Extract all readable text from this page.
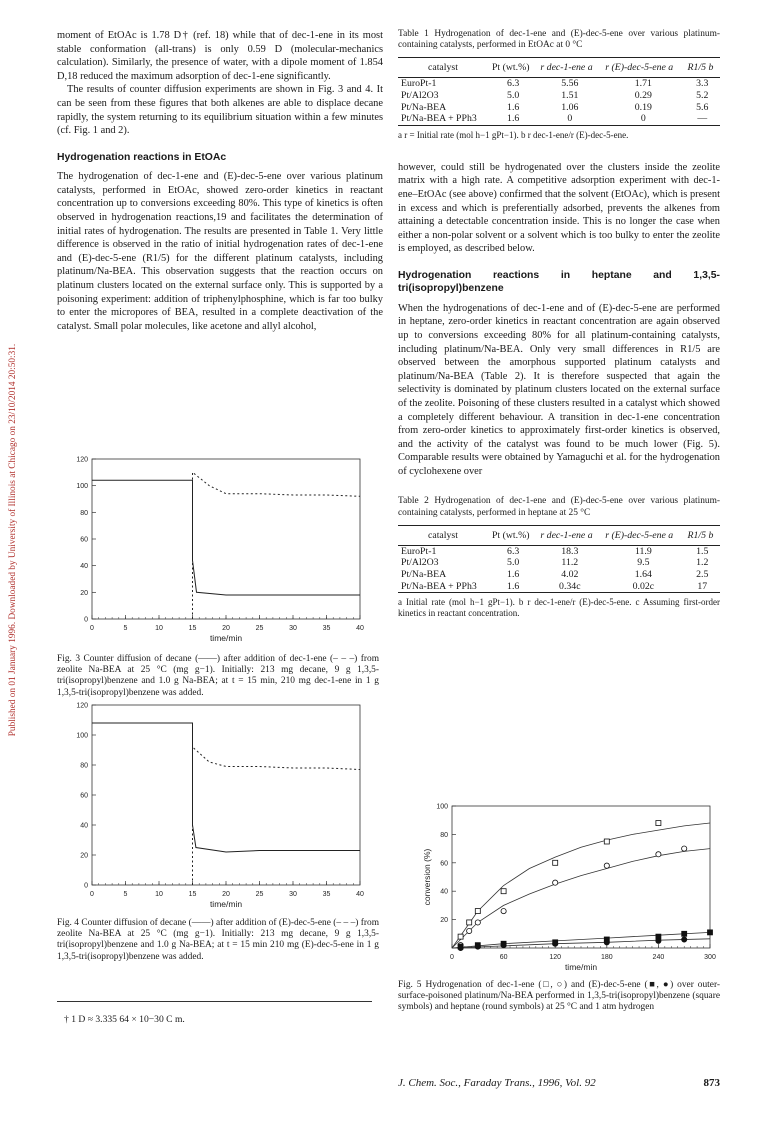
Published on 01 January 1996. Downloaded by University of Illinois at Chicago on 23/10/2014 20:50:31.

moment of EtOAc is 1.78 D† (ref. 18) while that of dec-1-ene in its most stable conformation (all-trans) is only 0.59 D (molecular-mechanics calculation). Similarly, the presence of water, with a dipole moment of 1.854 D,18 reduced the maximum adsorption of dec-1-ene significantly.

The results of counter diffusion experiments are shown in Fig. 3 and 4. It can be seen from these figures that both alkenes are able to displace decane rapidly, the system returning to its equilibrium situation within a few minutes (cf. Fig. 1 and 2).

Hydrogenation reactions in EtOAc

The hydrogenation of dec-1-ene and (E)-dec-5-ene over various platinum catalysts, performed in EtOAc, showed zero-order kinetics in reactant concentration up to conversions exceeding 80%. This type of kinetics is often observed in hydrogenation reactions,19 and facilitates the determination of initial rates of hydrogenation. The results are presented in Table 1. Very little difference is observed in the ratio of initial hydrogenation rates of dec-1-ene and (E)-dec-5-ene (R1/5) for the different platinum catalysts, including platinum/Na-BEA. This observation suggests that the reaction occurs on platinum clusters located on the external surface only. This is supported by a poisoning experiment: addition of triphenylphosphine, which is far too bulky to enter the micropores of BEA, resulted in a complete deactivation of the catalyst. Small polar molecules, like acetone and allyl alcohol,

0	5	10	15	20	25	30	35	40
0
20
40
60
80
100
120
time/min
Fig. 3 Counter diffusion of decane (——) after addition of dec-1-ene (– – –) from zeolite Na-BEA at 25 °C (mg g−1). Initially: 213 mg decane, 9 g 1,3,5-tri(isopropyl)benzene and 1.0 g Na-BEA; at t = 15 min, 210 mg dec-1-ene in 1 g 1,3,5-tri(isopropyl)benzene was added.
0	5	10	15	20	25	30	35	40
0
20
40
60
80
100
120
time/min
Fig. 4 Counter diffusion of decane (——) after addition of (E)-dec-5-ene (– – –) from zeolite Na-BEA at 25 °C (mg g−1). Initially: 213 mg decane, 9 g 1,3,5-tri(isopropyl)benzene and 1.0 g Na-BEA; at t = 15 min 210 mg (E)-dec-5-ene in 1 g 1,3,5-tri(isopropyl)benzene was added.
† 1 D ≈ 3.335 64 × 10−30 C m.
Table 1 Hydrogenation of dec-1-ene and (E)-dec-5-ene over various platinum-containing catalysts, performed in EtOAc at 0 °C
catalyst	Pt (wt.%)	r dec-1-ene a	r (E)-dec-5-ene a	R1/5 b
EuroPt-1	6.3	5.56	1.71	3.3
Pt/Al2O3	5.0	1.51	0.29	5.2
Pt/Na-BEA	1.6	1.06	0.19	5.6
Pt/Na-BEA + PPh3	1.6	0	0	—
a r = Initial rate (mol h−1 gPt−1). b r dec-1-ene/r (E)-dec-5-ene.

however, could still be hydrogenated over the clusters inside the zeolite matrix with a high rate. A competitive adsorption experiment with dec-1-ene–EtOAc (see above) confirmed that the solvent (EtOAc), which is present in excess and which is preferentially adsorbed, prevents the alkenes from attaining a detectable concentration inside. This is no longer the case when either a non-polar solvent or a solvent which is too bulky to enter the zeolite is employed, as described below.

Hydrogenation reactions in heptane and 1,3,5-tri(isopropyl)benzene

When the hydrogenations of dec-1-ene and of (E)-dec-5-ene are performed in heptane, zero-order kinetics in reactant concentration are again observed up to conversions exceeding 80% for all platinum-containing catalysts, including platinum/Na-BEA. Only very small differences in R1/5 are observed between the amorphous supported platinum catalysts and platinum/Na-BEA (Table 2). It is therefore suspected that again the selectivity is dominated by platinum clusters located on the external surface of the zeolite. Poisoning of these clusters resulted in a catalyst which showed a completely different behaviour. A transition in dec-1-ene concentration from zero-order kinetics to approximately first-order kinetics is observed, and the activity of the catalyst was found to be much lower (Fig. 5). Comparable results were obtained by Yamaguchi et al. for the hydrogenation of cyclohexene over

Table 2 Hydrogenation of dec-1-ene and (E)-dec-5-ene over various platinum-containing catalysts, performed in heptane at 25 °C
catalyst	Pt (wt.%)	r dec-1-ene a	r (E)-dec-5-ene a	R1/5 b
EuroPt-1	6.3	18.3	11.9	1.5
Pt/Al2O3	5.0	11.2	9.5	1.2
Pt/Na-BEA	1.6	4.02	1.64	2.5
Pt/Na-BEA + PPh3	1.6	0.34c	0.02c	17
a Initial rate (mol h−1 gPt−1). b r dec-1-ene/r (E)-dec-5-ene. c Assuming first-order kinetics in reactant concentration.
0	60	120	180	240	300
20
40
60
80
100
time/min
conversion (%)
Fig. 5 Hydrogenation of dec-1-ene (□, ○) and (E)-dec-5-ene (■, ●) over outer-surface-poisoned platinum/Na-BEA performed in 1,3,5-tri(isopropyl)benzene (square symbols) and heptane (round symbols) at 25 °C and 1 atm hydrogen
J. Chem. Soc., Faraday Trans., 1996, Vol. 92	873
